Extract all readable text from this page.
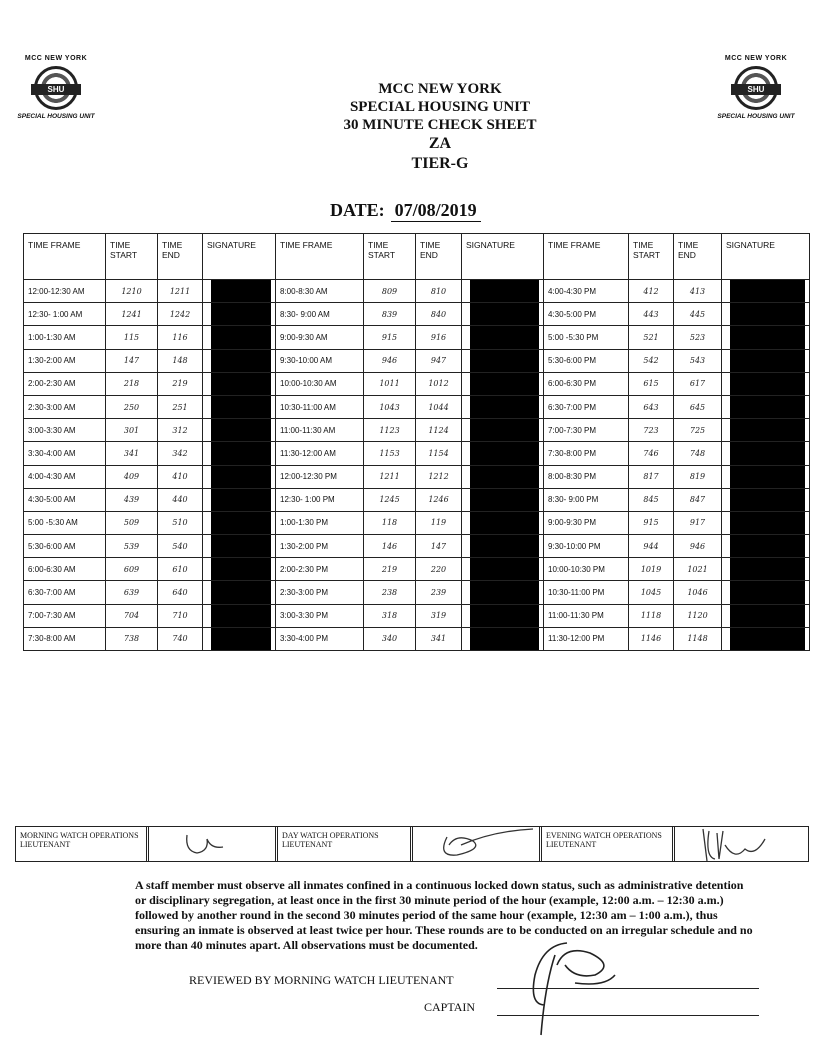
MCC NEW YORK
SHU
SPECIAL HOUSING UNIT
MCC NEW YORK
SHU
SPECIAL HOUSING UNIT
MCC NEW YORK
SPECIAL HOUSING UNIT
30 MINUTE CHECK SHEET
ZA
TIER-G
DATE: 07/08/2019
TIME FRAME	TIME START	TIME END	SIGNATURE	TIME FRAME	TIME START	TIME END	SIGNATURE	TIME FRAME	TIME START	TIME END	SIGNATURE
12:00-12:30 AM	1210	1211		8:00-8:30 AM	809	810		4:00-4:30 PM	412	413	

12:30- 1:00 AM	1241	1242		8:30- 9:00 AM	839	840		4:30-5:00 PM	443	445	

1:00-1:30 AM	115	116		9:00-9:30 AM	915	916		5:00 -5:30 PM	521	523	

1:30-2:00 AM	147	148		9:30-10:00 AM	946	947		5:30-6:00 PM	542	543	

2:00-2:30 AM	218	219		10:00-10:30 AM	1011	1012		6:00-6:30 PM	615	617	

2:30-3:00 AM	250	251		10:30-11:00 AM	1043	1044		6:30-7:00 PM	643	645	

3:00-3:30 AM	301	312		11:00-11:30 AM	1123	1124		7:00-7:30 PM	723	725	

3:30-4:00 AM	341	342		11:30-12:00 AM	1153	1154		7:30-8:00 PM	746	748	

4:00-4:30 AM	409	410		12:00-12:30 PM	1211	1212		8:00-8:30 PM	817	819	

4:30-5:00 AM	439	440		12:30- 1:00 PM	1245	1246		8:30- 9:00 PM	845	847	

5:00 -5:30 AM	509	510		1:00-1:30 PM	118	119		9:00-9:30 PM	915	917	

5:30-6:00 AM	539	540		1:30-2:00 PM	146	147		9:30-10:00 PM	944	946	

6:00-6:30 AM	609	610		2:00-2:30 PM	219	220		10:00-10:30 PM	1019	1021	

6:30-7:00 AM	639	640		2:30-3:00 PM	238	239		10:30-11:00 PM	1045	1046	

7:00-7:30 AM	704	710		3:00-3:30 PM	318	319		11:00-11:30 PM	1118	1120	

7:30-8:00 AM	738	740		3:30-4:00 PM	340	341		11:30-12:00 PM	1146	1148	
MORNING WATCH OPERATIONS LIEUTENANT
DAY WATCH OPERATIONS LIEUTENANT
EVENING WATCH OPERATIONS LIEUTENANT
A staff member must observe all inmates confined in a continuous locked down status, such as administrative detention or disciplinary segregation, at least once in the first 30 minute period of the hour (example, 12:00 a.m. – 12:30 a.m.) followed by another round in the second 30 minutes period of the same hour (example, 12:30 am – 1:00 a.m.), thus ensuring an inmate is observed at least twice per hour. These rounds are to be conducted on an irregular schedule and no more than 40 minutes apart. All observations must be documented.
REVIEWED BY MORNING WATCH LIEUTENANT
CAPTAIN
